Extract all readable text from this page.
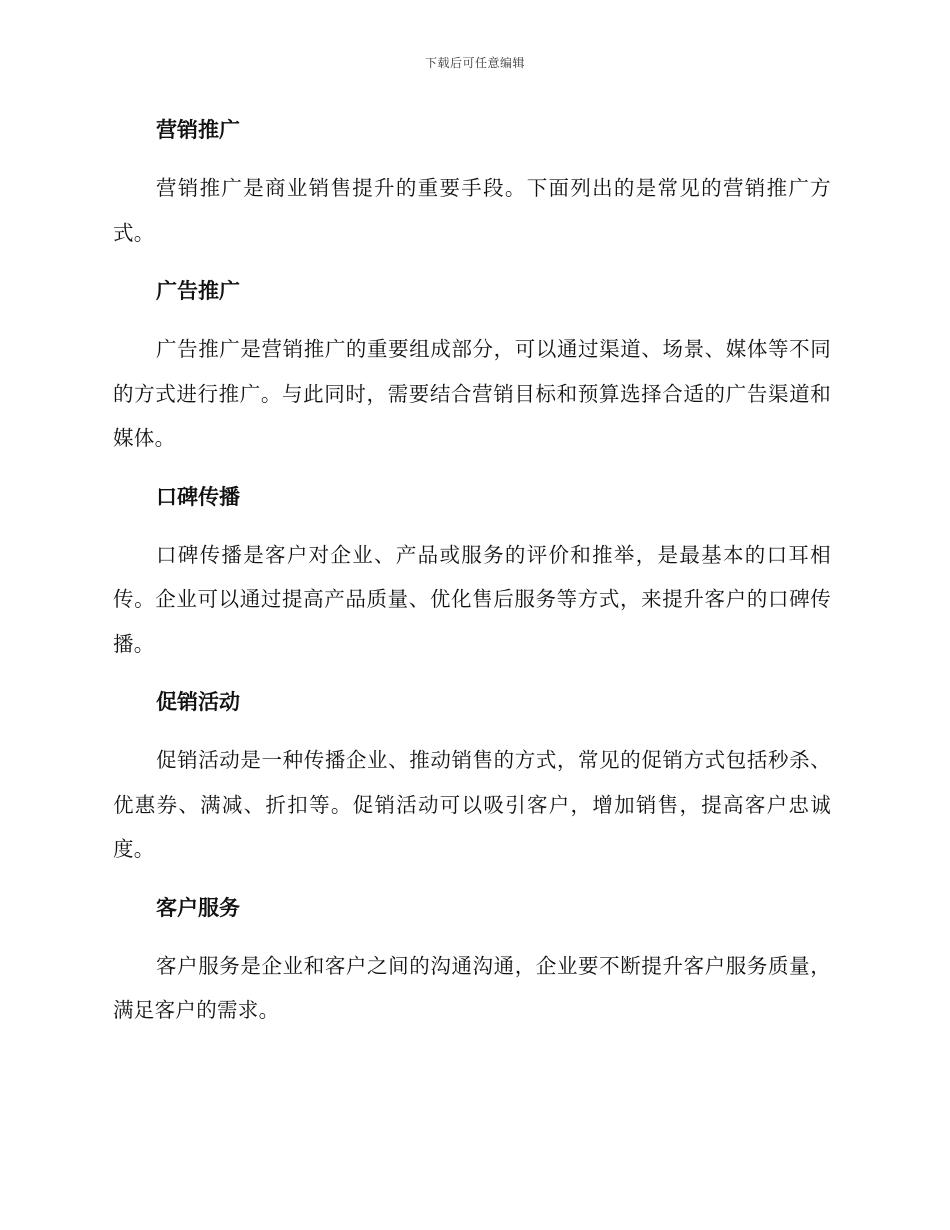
下载后可任意编辑
营销推广

营销推广是商业销售提升的重要手段。下面列出的是常见的营销推广方式。

广告推广

广告推广是营销推广的重要组成部分，可以通过渠道、场景、媒体等不同的方式进行推广。与此同时，需要结合营销目标和预算选择合适的广告渠道和媒体。

口碑传播

口碑传播是客户对企业、产品或服务的评价和推举，是最基本的口耳相传。企业可以通过提高产品质量、优化售后服务等方式，来提升客户的口碑传播。

促销活动

促销活动是一种传播企业、推动销售的方式，常见的促销方式包括秒杀、优惠券、满减、折扣等。促销活动可以吸引客户，增加销售，提高客户忠诚度。

客户服务

客户服务是企业和客户之间的沟通沟通，企业要不断提升客户服务质量，满足客户的需求。
